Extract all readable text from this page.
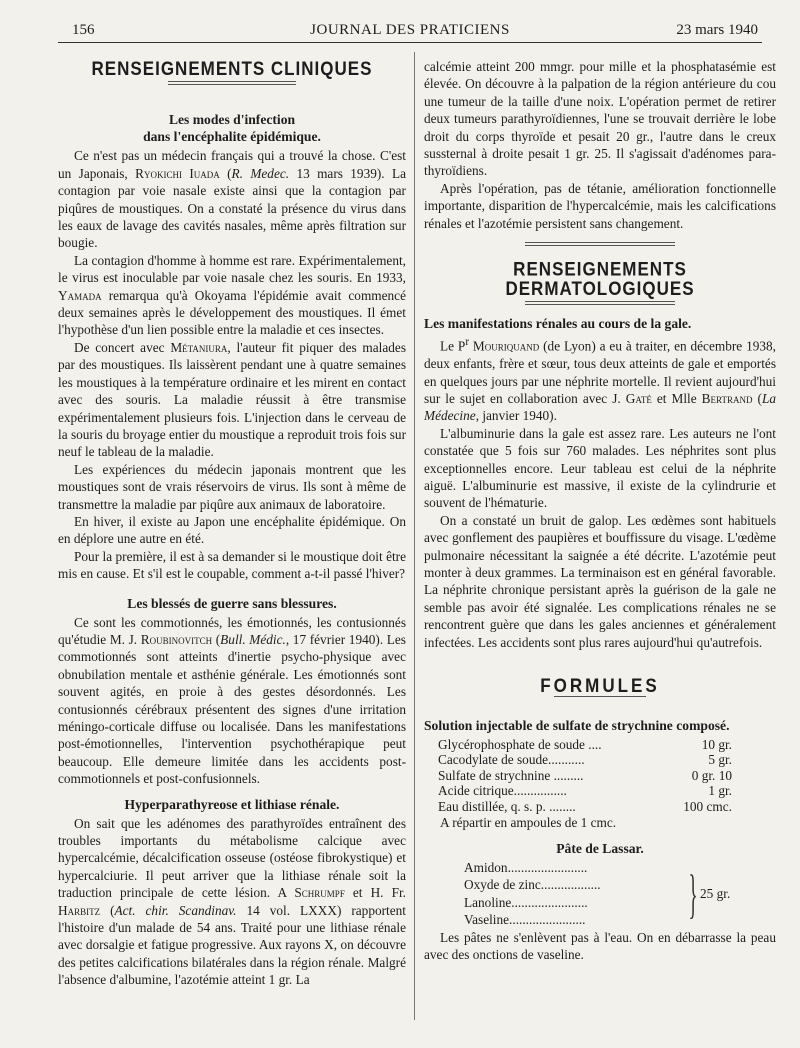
156	JOURNAL DES PRATICIENS	23 mars 1940
RENSEIGNEMENTS CLINIQUES
Les modes d'infection
dans l'encéphalite épidémique.

Ce n'est pas un médecin français qui a trouvé la chose. C'est un Japonais, Ryokichi Iuada (R. Medec. 13 mars 1939). La contagion par voie nasale existe ainsi que la contagion par piqûres de moustiques. On a constaté la présence du virus dans les eaux de lavage des cavités nasales, même après filtration sur bougie.

La contagion d'homme à homme est rare. Expérimentalement, le virus est inoculable par voie nasale chez les souris. En 1933, Yamada remarqua qu'à Okoyama l'épidémie avait commencé deux semaines après le développement des moustiques. Il émet l'hypothèse d'un lien possible entre la maladie et ces insectes.

De concert avec Métaniura, l'auteur fit piquer des malades par des moustiques. Ils laissèrent pendant une à quatre semaines les moustiques à la température ordinaire et les mirent en contact avec des souris. La maladie réussit à être transmise expérimentalement plusieurs fois. L'injection dans le cerveau de la souris du broyage entier du moustique a reproduit trois fois sur neuf le tableau de la maladie.

Les expériences du médecin japonais montrent que les moustiques sont de vrais réservoirs de virus. Ils sont à même de transmettre la maladie par piqûre aux animaux de laboratoire.

En hiver, il existe au Japon une encéphalite épidémique. On en déplore une autre en été.

Pour la première, il est à sa demander si le moustique doit être mis en cause. Et s'il est le coupable, comment a-t-il passé l'hiver?

Les blessés de guerre sans blessures.

Ce sont les commotionnés, les émotionnés, les contusionnés qu'étudie M. J. Roubinovitch (Bull. Médic., 17 février 1940). Les commotionnés sont atteints d'inertie psycho-physique avec obnubilation mentale et asthénie générale. Les émotionnés sont souvent agités, en proie à des gestes désordonnés. Les contusionnés cérébraux présentent des signes d'une irritation méningo-corticale diffuse ou localisée. Dans les manifestations post-émotionnelles, l'intervention psychothérapique peut beaucoup. Elle demeure limitée dans les accidents post-commotionnels et post-confusionnels.

Hyperparathyreose et lithiase rénale.

On sait que les adénomes des parathyroïdes entraînent des troubles importants du métabolisme calcique avec hypercalcémie, décalcification osseuse (ostéose fibrokystique) et hypercalciurie. Il peut arriver que la lithiase rénale soit la traduction principale de cette lésion. A Schrumpf et H. Fr. Harbitz (Act. chir. Scandinav. 14 vol. LXXX) rapportent l'histoire d'un malade de 54 ans. Traité pour une lithiase rénale avec dorsalgie et fatigue progressive. Aux rayons X, on découvre des petites calcifications bilatérales dans la région rénale. Malgré l'absence d'albumine, l'azotémie atteint 1 gr. La

calcémie atteint 200 mmgr. pour mille et la phosphatasémie est élevée. On découvre à la palpation de la région antérieure du cou une tumeur de la taille d'une noix. L'opération permet de retirer deux tumeurs parathyroïdiennes, l'une se trouvait derrière le lobe droit du corps thyroïde et pesait 20 gr., l'autre dans le creux sussternal à droite pesait 1 gr. 25. Il s'agissait d'adénomes para-thyroïdiens.

Après l'opération, pas de tétanie, amélioration fonctionnelle importante, disparition de l'hypercalcémie, mais les calcifications rénales et l'azotémie persistent sans changement.

RENSEIGNEMENTS DERMATOLOGIQUES
Les manifestations rénales au cours de la gale.

Le $P^r$ Mouriquand (de Lyon) a eu à traiter, en décembre 1938, deux enfants, frère et sœur, tous deux atteints de gale et emportés en quelques jours par une néphrite mortelle. Il revient aujourd'hui sur le sujet en collaboration avec J. Gaté et Mlle Bertrand (La Médecine, janvier 1940).

L'albuminurie dans la gale est assez rare. Les auteurs ne l'ont constatée que 5 fois sur 760 malades. Les néphrites sont plus exceptionnelles encore. Leur tableau est celui de la néphrite aiguë. L'albuminurie est massive, il existe de la cylindrurie et souvent de l'hématurie.

On a constaté un bruit de galop. Les œdèmes sont habituels avec gonflement des paupières et bouffissure du visage. L'œdème pulmonaire nécessitant la saignée a été décrite. L'azotémie peut monter à deux grammes. La terminaison est en général favorable. La néphrite chronique persistant après la guérison de la gale ne semble pas avoir été signalée. Les complications rénales ne se rencontrent guère que dans les gales anciennes et généralement infectées. Les accidents sont plus rares aujourd'hui qu'autrefois.

FORMULES
Solution injectable de sulfate de strychnine composé.
Glycérophosphate de soude ....	10 gr.
Cacodylate de soude...........	5 gr.
Sulfate de strychnine .........	0 gr. 10
Acide citrique................	1 gr.
Eau distillée, q. s. p. ........	100 cmc.

A répartir en ampoules de 1 cmc.

Pâte de Lassar.
Amidon........................
Oxyde de zinc..................
Lanoline.......................
Vaseline.......................	} 25 gr.

Les pâtes ne s'enlèvent pas à l'eau. On en débarrasse la peau avec des onctions de vaseline.
